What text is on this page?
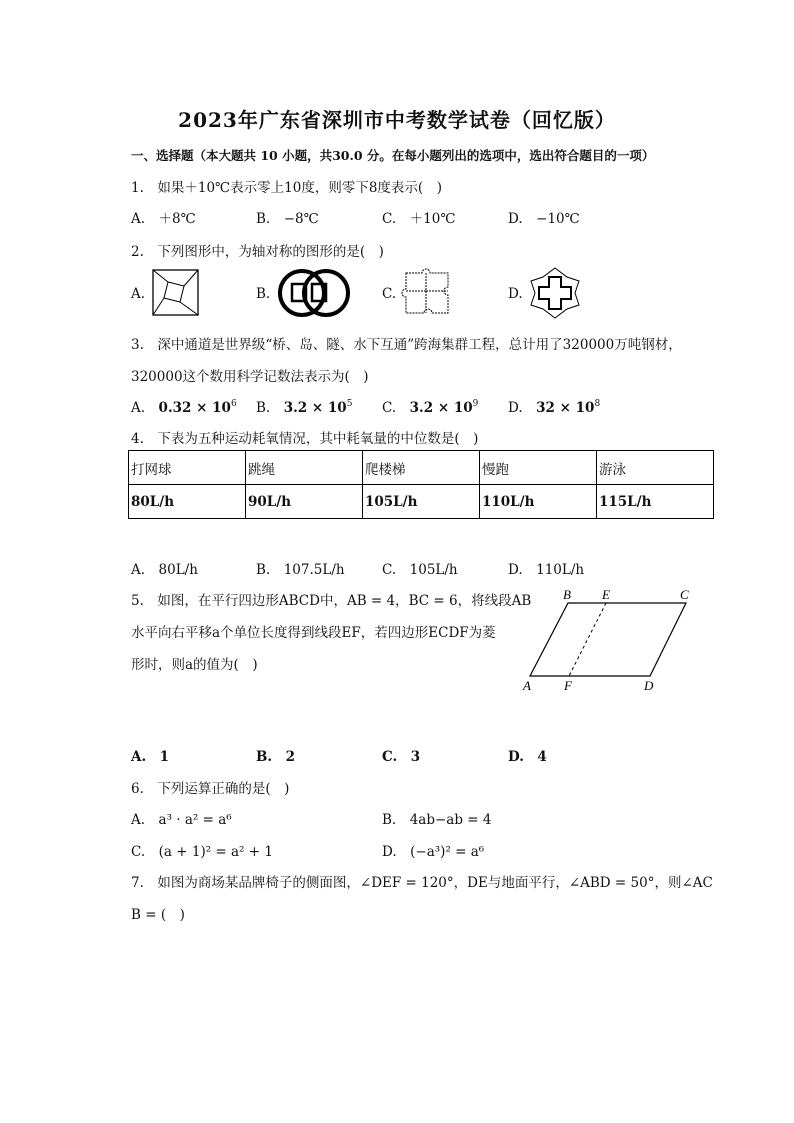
2023年广东省深圳市中考数学试卷（回忆版）
一、选择题（本大题共 10 小题，共30.0 分。在每小题列出的选项中，选出符合题目的一项）
1.　如果＋10℃表示零上10度，则零下8度表示(　)
A.　＋8℃	B.　−8℃	C.　＋10℃	D.　−10℃
2.　下列图形中，为轴对称的图形的是(　)
A.	B.	C.	D.
3.　深中通道是世界级“桥、岛、隧、水下互通”跨海集群工程，总计用了320000万吨钢材，
320000这个数用科学记数法表示为(　)
A.　 $0.32 \times 10^6$ B.　 $3.2 \times 10^5$ C.　 $3.2 \times 10^9$ D.　 $32 \times 10^8$
4.　下表为五种运动耗氧情况，其中耗氧量的中位数是(　)
打网球	跳绳	爬楼梯	慢跑	游泳
80L/h	90L/h	105L/h	110L/h	115L/h
A.　80L/h	B.　107.5L/h	C.　105L/h	D.　110L/h
5.　如图，在平行四边形ABCD中，AB = 4，BC = 6，将线段AB
水平向右平移a个单位长度得到线段EF，若四边形ECDF为菱
形时，则a的值为(　)
B E	C
A	F	D
A.　1	B.　2	C.　3	D.　4
6.　下列运算正确的是(　)
A.　a³ · a² = a⁶	B.　4ab−ab = 4
C.　(a + 1)² = a² + 1	D.　(−a³)² = a⁶
7.　如图为商场某品牌椅子的侧面图，∠DEF = 120°，DE与地面平行，∠ABD = 50°，则∠AC
B = (　)
